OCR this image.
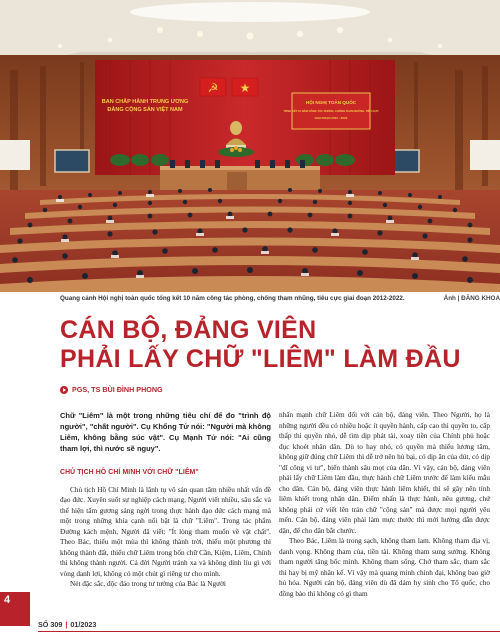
BAN CHẤP HÀNH TRUNG ƯƠNG
ĐẢNG CỘNG SẢN VIỆT NAM
☭ ★
HỘI NGHỊ TOÀN QUỐC
TỔNG KẾT 10 NĂM CÔNG TÁC PHÒNG, CHỐNG THAM NHŨNG, TIÊU CỰC
GIAI ĐOẠN 2012 - 2022
Quang cảnh Hội nghị toàn quốc tổng kết 10 năm công tác phòng, chống tham nhũng, tiêu cực giai đoạn 2012-2022.	Ảnh | ĐĂNG KHOA
CÁN BỘ, ĐẢNG VIÊN
PHẢI LẤY CHỮ "LIÊM" LÀM ĐẦU
PGS, TS BÙI ĐÌNH PHONG

Chữ "Liêm" là một trong những tiêu chí để đo "trình độ người", "chất người". Cụ Khổng Tử nói: "Người mà không Liêm, không bằng súc vật". Cụ Mạnh Tử nói: "Ai cũng tham lợi, thì nước sẽ nguy".

CHỦ TỊCH HỒ CHÍ MINH VỚI CHỮ "LIÊM"

Chủ tịch Hồ Chí Minh là lãnh tụ vô sản quan tâm nhiều nhất vấn đề đạo đức. Xuyên suốt sự nghiệp cách mạng, Người viết nhiều, sâu sắc và thể hiện tấm gương sáng ngời trong thực hành đạo đức cách mạng mà một trong những khía cạnh nổi bật là chữ "Liêm". Trong tác phẩm Đường kách mệnh, Người đã viết: "Ít lòng tham muốn về vật chất". Theo Bác, thiếu một mùa thì không thành trời, thiếu một phương thì không thành đất, thiếu chữ Liêm trong bốn chữ Cần, Kiệm, Liêm, Chính thì không thành người. Cả đời Người tránh xa và không dính líu gì với vòng danh lợi, không có một chút gì riêng tư cho mình.

Nét đặc sắc, độc đáo trong tư tưởng của Bác là Người

nhấn mạnh chữ Liêm đối với cán bộ, đảng viên. Theo Người, họ là những người đều có nhiều hoặc ít quyền hành, cấp cao thì quyền to, cấp thấp thì quyền nhỏ, dễ tìm dịp phát tài, xoay tiền của Chính phủ hoặc đục khoét nhân dân. Dù to hay nhỏ, có quyền mà thiếu lương tâm, không giữ đúng chữ Liêm thì dễ trở nên hủ bại, có dịp ăn của dút, có dịp "dĩ công vi tư", biến thành sâu mọt của dân. Vì vậy, cán bộ, đảng viên phải lấy chữ Liêm làm đầu, thực hành chữ Liêm trước để làm kiểu mẫu cho dân. Cán bộ, đảng viên thực hành liêm khiết, thì sẽ gây nên tính liêm khiết trong nhân dân. Điểm nhấn là thực hành, nêu gương, chứ không phải cứ viết lên trán chữ "cộng sản" mà được mọi người yêu mến. Cán bộ, đảng viên phải làm mực thước thì mới hướng dẫn được dân, để cho dân bắt chước.

Theo Bác, Liêm là trong sạch, không tham lam. Không tham địa vị, danh vọng. Không tham của, tiền tài. Không tham sung sướng. Không tham người tâng bốc mình. Không tham sống. Chớ tham sắc, tham sắc thì hay bị mỹ nhân kế. Vì vậy mà quang minh chính đại, không bao giờ hủ hóa. Người cán bộ, đảng viên dù đã dám hy sinh cho Tổ quốc, cho đồng bào thì không có gì tham

4
SỐ 309 | 01/2023
